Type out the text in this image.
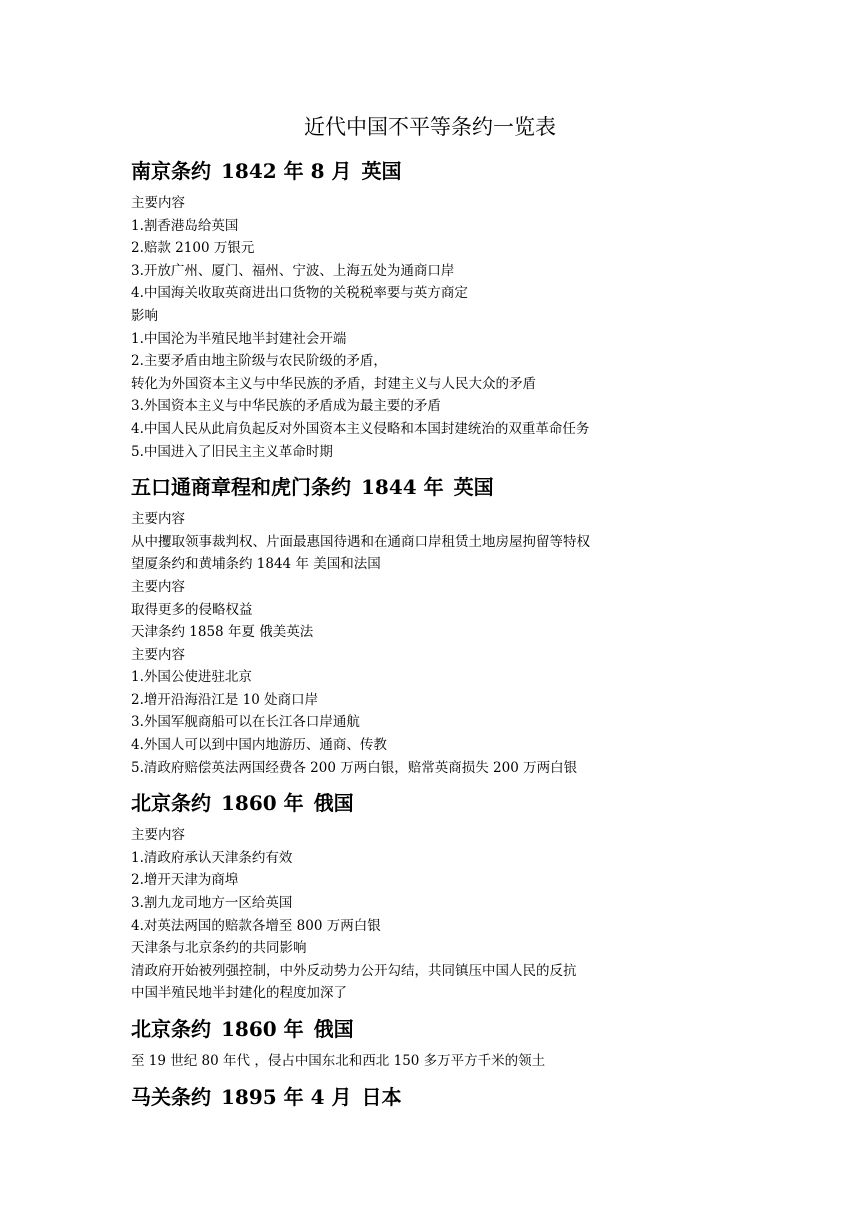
近代中国不平等条约一览表
南京条约 1842 年 8 月 英国
主要内容
1.割香港岛给英国
2.赔款 2100 万银元
3.开放广州、厦门、福州、宁波、上海五处为通商口岸
4.中国海关收取英商进出口货物的关税税率要与英方商定
影响
1.中国沦为半殖民地半封建社会开端
2.主要矛盾由地主阶级与农民阶级的矛盾，
转化为外国资本主义与中华民族的矛盾，封建主义与人民大众的矛盾
3.外国资本主义与中华民族的矛盾成为最主要的矛盾
4.中国人民从此肩负起反对外国资本主义侵略和本国封建统治的双重革命任务
5.中国进入了旧民主主义革命时期
五口通商章程和虎门条约 1844 年 英国
主要内容
从中攫取领事裁判权、片面最惠国待遇和在通商口岸租赁土地房屋拘留等特权
望厦条约和黄埔条约 1844 年 美国和法国
主要内容
取得更多的侵略权益
天津条约 1858 年夏 俄美英法
主要内容
1.外国公使进驻北京
2.增开沿海沿江是 10 处商口岸
3.外国军舰商船可以在长江各口岸通航
4.外国人可以到中国内地游历、通商、传教
5.清政府赔偿英法两国经费各 200 万两白银，赔常英商损失 200 万两白银
北京条约 1860 年 俄国
主要内容
1.清政府承认天津条约有效
2.增开天津为商埠
3.割九龙司地方一区给英国
4.对英法两国的赔款各增至 800 万两白银
天津条与北京条约的共同影响
清政府开始被列强控制，中外反动势力公开勾结，共同镇压中国人民的反抗
中国半殖民地半封建化的程度加深了
北京条约 1860 年 俄国
至 19 世纪 80 年代 ，侵占中国东北和西北 150 多万平方千米的领土
马关条约 1895 年 4 月 日本
